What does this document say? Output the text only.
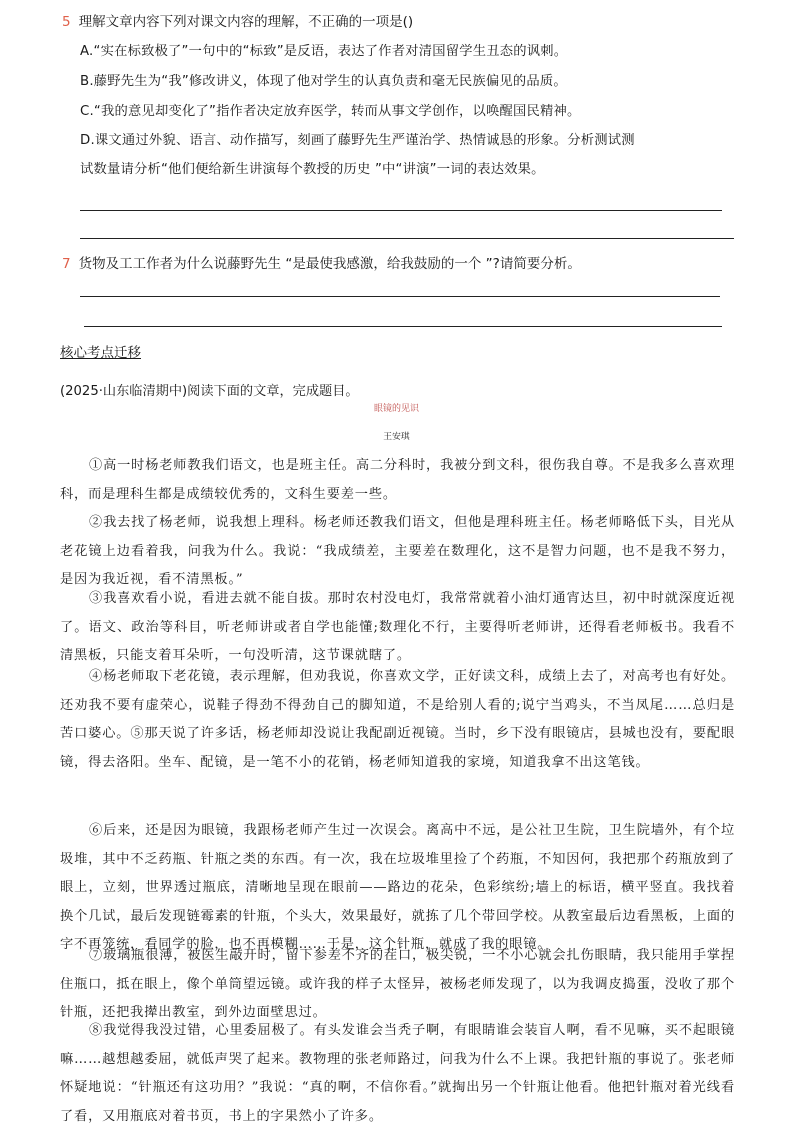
5 理解文章内容下列对课文内容的理解，不正确的一项是()
A.“实在标致极了”一句中的“标致”是反语，表达了作者对清国留学生丑态的讽刺。
B.藤野先生为“我”修改讲义，体现了他对学生的认真负责和毫无民族偏见的品质。
C.“我的意见却变化了”指作者决定放弃医学，转而从事文学创作，以唤醒国民精神。
D.课文通过外貌、语言、动作描写，刻画了藤野先生严谨治学、热情诚恳的形象。分析测试测
试数量请分析“他们便给新生讲演每个教授的历史 ”中“讲演”一词的表达效果。
7 货物及工工作者为什么说藤野先生 “是最使我感激，给我鼓励的一个 ”?请简要分析。
核心考点迁移
(2025·山东临清期中)阅读下面的文章，完成题目。
眼镜的见识
王安琪
①高一时杨老师教我们语文，也是班主任。高二分科时，我被分到文科，很伤我自尊。不是我多么喜欢理科，而是理科生都是成绩较优秀的，文科生要差一些。
②我去找了杨老师，说我想上理科。杨老师还教我们语文，但他是理科班主任。杨老师略低下头，目光从老花镜上边看着我，问我为什么。我说：“我成绩差，主要差在数理化，这不是智力问题，也不是我不努力，是因为我近视，看不清黑板。”
③我喜欢看小说，看进去就不能自拔。那时农村没电灯，我常常就着小油灯通宵达旦，初中时就深度近视了。语文、政治等科目，听老师讲或者自学也能懂;数理化不行，主要得听老师讲，还得看老师板书。我看不清黑板，只能支着耳朵听，一句没听清，这节课就瞎了。
④杨老师取下老花镜，表示理解，但劝我说，你喜欢文学，正好读文科，成绩上去了，对高考也有好处。还劝我不要有虚荣心，说鞋子得劲不得劲自己的脚知道，不是给别人看的;说宁当鸡头，不当凤尾……总归是苦口婆心。⑤那天说了许多话，杨老师却没说让我配副近视镜。当时，乡下没有眼镜店，县城也没有，要配眼镜，得去洛阳。坐车、配镜，是一笔不小的花销，杨老师知道我的家境，知道我拿不出这笔钱。
⑥后来，还是因为眼镜，我跟杨老师产生过一次误会。离高中不远，是公社卫生院，卫生院墙外，有个垃圾堆，其中不乏药瓶、针瓶之类的东西。有一次，我在垃圾堆里捡了个药瓶，不知因何，我把那个药瓶放到了眼上，立刻，世界透过瓶底，清晰地呈现在眼前——路边的花朵，色彩缤纷;墙上的标语，横平竖直。我找着换个几试，最后发现链霉素的针瓶，个头大，效果最好，就拣了几个带回学校。从教室最后边看黑板，上面的字不再笼统，看同学的脸，也不再模糊……于是，这个针瓶，就成了我的眼镜。
⑦玻璃瓶很薄，被医生敲开时，留下参差不齐的茬口，极尖锐，一不小心就会扎伤眼睛，我只能用手掌捏住瓶口，抵在眼上，像个单筒望远镜。或许我的样子太怪异，被杨老师发现了，以为我调皮捣蛋，没收了那个针瓶，还把我撵出教室，到外边面壁思过。
⑧我觉得我没过错，心里委屈极了。有头发谁会当秃子啊，有眼睛谁会装盲人啊，看不见嘛，买不起眼镜嘛……越想越委屈，就低声哭了起来。教物理的张老师路过，问我为什么不上课。我把针瓶的事说了。张老师怀疑地说：“针瓶还有这功用？”我说：“真的啊，不信你看。”就掏出另一个针瓶让他看。他把针瓶对着光线看了看，又用瓶底对着书页，书上的字果然小了许多。
